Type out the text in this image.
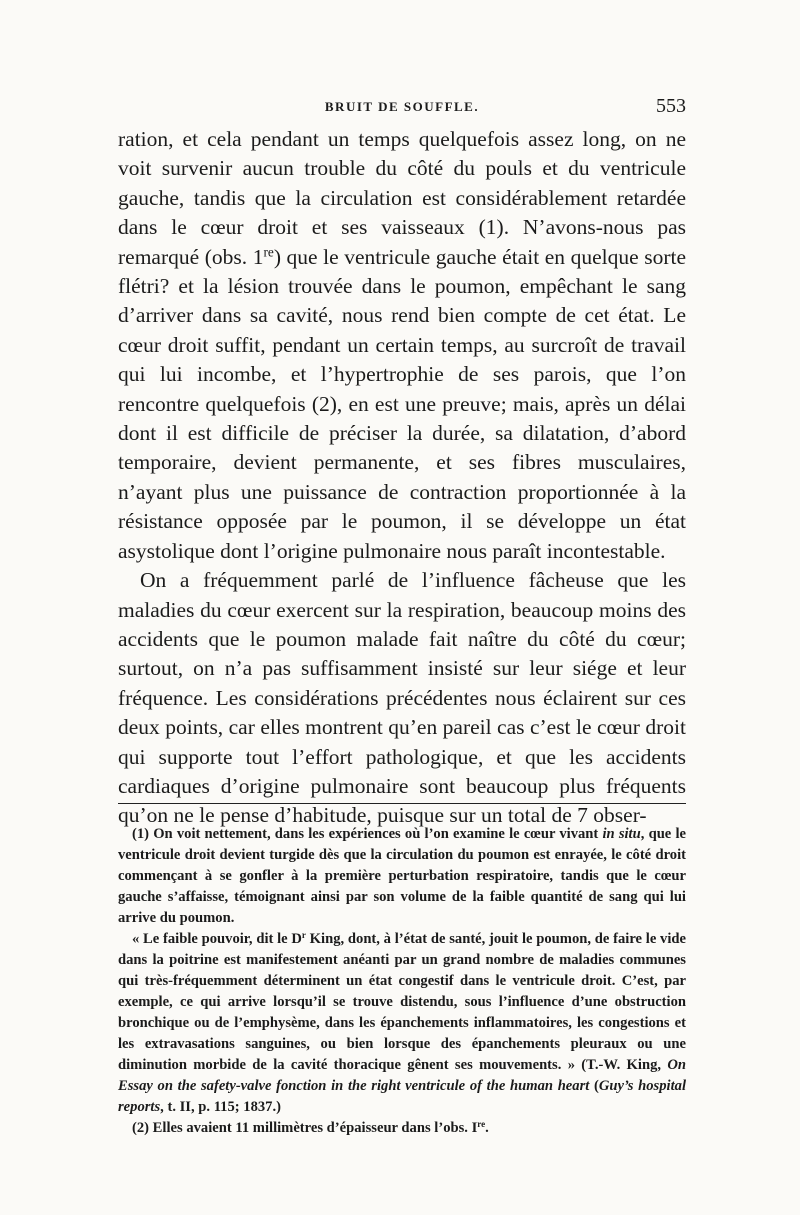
BRUIT DE SOUFFLE.	553

ration, et cela pendant un temps quelquefois assez long, on ne voit survenir aucun trouble du côté du pouls et du ventricule gauche, tandis que la circulation est considérablement retardée dans le cœur droit et ses vaisseaux (1). N’avons-nous pas remarqué (obs. 1re) que le ventricule gauche était en quelque sorte flétri? et la lésion trouvée dans le poumon, empêchant le sang d’arriver dans sa cavité, nous rend bien compte de cet état. Le cœur droit suffit, pendant un certain temps, au surcroît de travail qui lui incombe, et l’hypertrophie de ses parois, que l’on rencontre quelquefois (2), en est une preuve; mais, après un délai dont il est difficile de préciser la durée, sa dilatation, d’abord temporaire, devient permanente, et ses fibres musculaires, n’ayant plus une puissance de contraction proportionnée à la résistance opposée par le poumon, il se développe un état asystolique dont l’origine pulmonaire nous paraît incontestable.

On a fréquemment parlé de l’influence fâcheuse que les maladies du cœur exercent sur la respiration, beaucoup moins des accidents que le poumon malade fait naître du côté du cœur; surtout, on n’a pas suffisamment insisté sur leur siége et leur fréquence. Les considérations précédentes nous éclairent sur ces deux points, car elles montrent qu’en pareil cas c’est le cœur droit qui supporte tout l’effort pathologique, et que les accidents cardiaques d’origine pulmonaire sont beaucoup plus fréquents qu’on ne le pense d’habitude, puisque sur un total de 7 obser-

(1) On voit nettement, dans les expériences où l’on examine le cœur vivant in situ, que le ventricule droit devient turgide dès que la circulation du poumon est enrayée, le côté droit commençant à se gonfler à la première perturbation respiratoire, tandis que le cœur gauche s’affaisse, témoignant ainsi par son volume de la faible quantité de sang qui lui arrive du poumon.

« Le faible pouvoir, dit le $D^r$ King, dont, à l’état de santé, jouit le poumon, de faire le vide dans la poitrine est manifestement anéanti par un grand nombre de maladies communes qui très-fréquemment déterminent un état congestif dans le ventricule droit. C’est, par exemple, ce qui arrive lorsqu’il se trouve distendu, sous l’influence d’une obstruction bronchique ou de l’emphysème, dans les épanchements inflammatoires, les congestions et les extravasations sanguines, ou bien lorsque des épanchements pleuraux ou une diminution morbide de la cavité thoracique gênent ses mouvements. » (T.-W. King, On Essay on the safety-valve fonction in the right ventricule of the human heart (Guy’s hospital reports, t. II, p. 115; 1837.)

(2) Elles avaient 11 millimètres d’épaisseur dans l’obs. Ire.
